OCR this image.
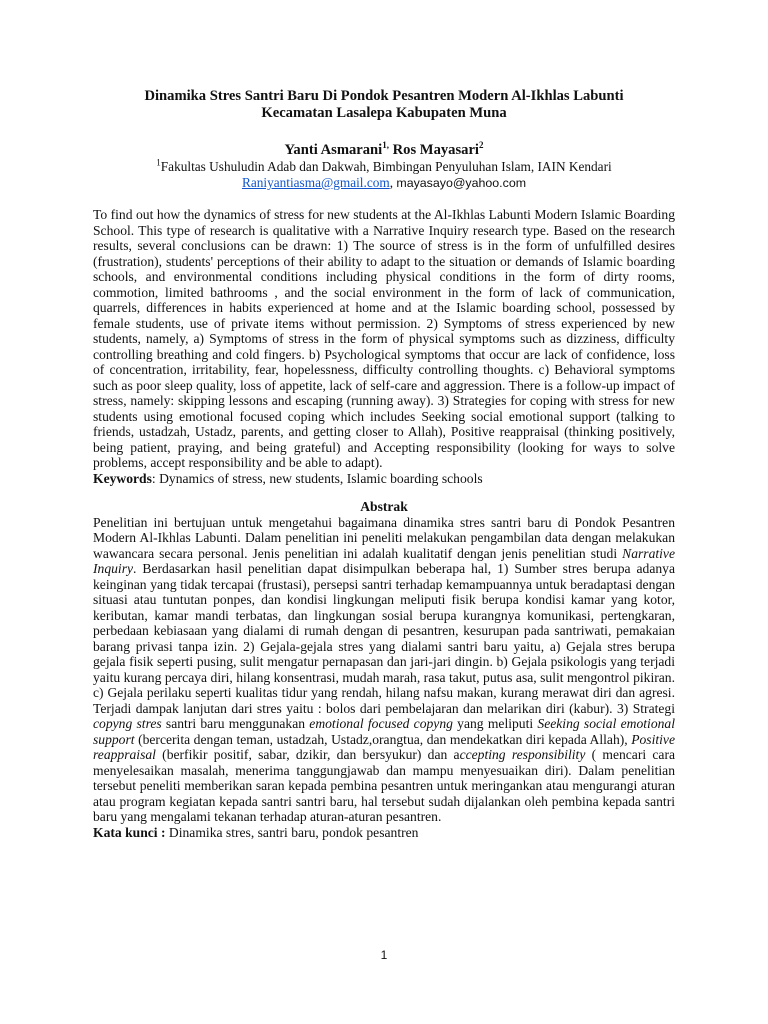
Dinamika Stres Santri Baru Di Pondok Pesantren Modern Al-Ikhlas Labunti
Kecamatan Lasalepa Kabupaten Muna

Yanti Asmarani$^{1,}$ Ros Mayasari$^2$

$^1$Fakultas Ushuludin Adab dan Dakwah, Bimbingan Penyuluhan Islam, IAIN Kendari

Raniyantiasma@gmail.com, mayasayo@yahoo.com

To find out how the dynamics of stress for new students at the Al-Ikhlas Labunti Modern Islamic Boarding School. This type of research is qualitative with a Narrative Inquiry research type. Based on the research results, several conclusions can be drawn: 1) The source of stress is in the form of unfulfilled desires (frustration), students' perceptions of their ability to adapt to the situation or demands of Islamic boarding schools, and environmental conditions including physical conditions in the form of dirty rooms, commotion, limited bathrooms , and the social environment in the form of lack of communication, quarrels, differences in habits experienced at home and at the Islamic boarding school, possessed by female students, use of private items without permission. 2) Symptoms of stress experienced by new students, namely, a) Symptoms of stress in the form of physical symptoms such as dizziness, difficulty controlling breathing and cold fingers. b) Psychological symptoms that occur are lack of confidence, loss of concentration, irritability, fear, hopelessness, difficulty controlling thoughts. c) Behavioral symptoms such as poor sleep quality, loss of appetite, lack of self-care and aggression. There is a follow-up impact of stress, namely: skipping lessons and escaping (running away). 3) Strategies for coping with stress for new students using emotional focused coping which includes Seeking social emotional support (talking to friends, ustadzah, Ustadz, parents, and getting closer to Allah), Positive reappraisal (thinking positively, being patient, praying, and being grateful) and Accepting responsibility (looking for ways to solve problems, accept responsibility and be able to adapt).

Keywords: Dynamics of stress, new students, Islamic boarding schools

Abstrak

Penelitian ini bertujuan untuk mengetahui bagaimana dinamika stres santri baru di Pondok Pesantren Modern Al-Ikhlas Labunti. Dalam penelitian ini peneliti melakukan pengambilan data dengan melakukan wawancara secara personal. Jenis penelitian ini adalah kualitatif dengan jenis penelitian studi Narrative Inquiry. Berdasarkan hasil penelitian dapat disimpulkan beberapa hal, 1) Sumber stres berupa adanya keinginan yang tidak tercapai (frustasi), persepsi santri terhadap kemampuannya untuk beradaptasi dengan situasi atau tuntutan ponpes, dan kondisi lingkungan meliputi fisik berupa kondisi kamar yang kotor, keributan, kamar mandi terbatas, dan lingkungan sosial berupa kurangnya komunikasi, pertengkaran, perbedaan kebiasaan yang dialami di rumah dengan di pesantren, kesurupan pada santriwati, pemakaian barang privasi tanpa izin. 2) Gejala-gejala stres yang dialami santri baru yaitu, a) Gejala stres berupa gejala fisik seperti pusing, sulit mengatur pernapasan dan jari-jari dingin. b) Gejala psikologis yang terjadi yaitu kurang percaya diri, hilang konsentrasi, mudah marah, rasa takut, putus asa, sulit mengontrol pikiran. c) Gejala perilaku seperti kualitas tidur yang rendah, hilang nafsu makan, kurang merawat diri dan agresi. Terjadi dampak lanjutan dari stres yaitu : bolos dari pembelajaran dan melarikan diri (kabur). 3) Strategi copyng stres santri baru menggunakan emotional focused copyng yang meliputi Seeking social emotional support (bercerita dengan teman, ustadzah, Ustadz,orangtua, dan mendekatkan diri kepada Allah), Positive reappraisal (berfikir positif, sabar, dzikir, dan bersyukur) dan accepting responsibility ( mencari cara menyelesaikan masalah, menerima tanggungjawab dan mampu menyesuaikan diri). Dalam penelitian tersebut peneliti memberikan saran kepada pembina pesantren untuk meringankan atau mengurangi aturan atau program kegiatan kepada santri santri baru, hal tersebut sudah dijalankan oleh pembina kepada santri baru yang mengalami tekanan terhadap aturan-aturan pesantren.

Kata kunci : Dinamika stres, santri baru, pondok pesantren

1
